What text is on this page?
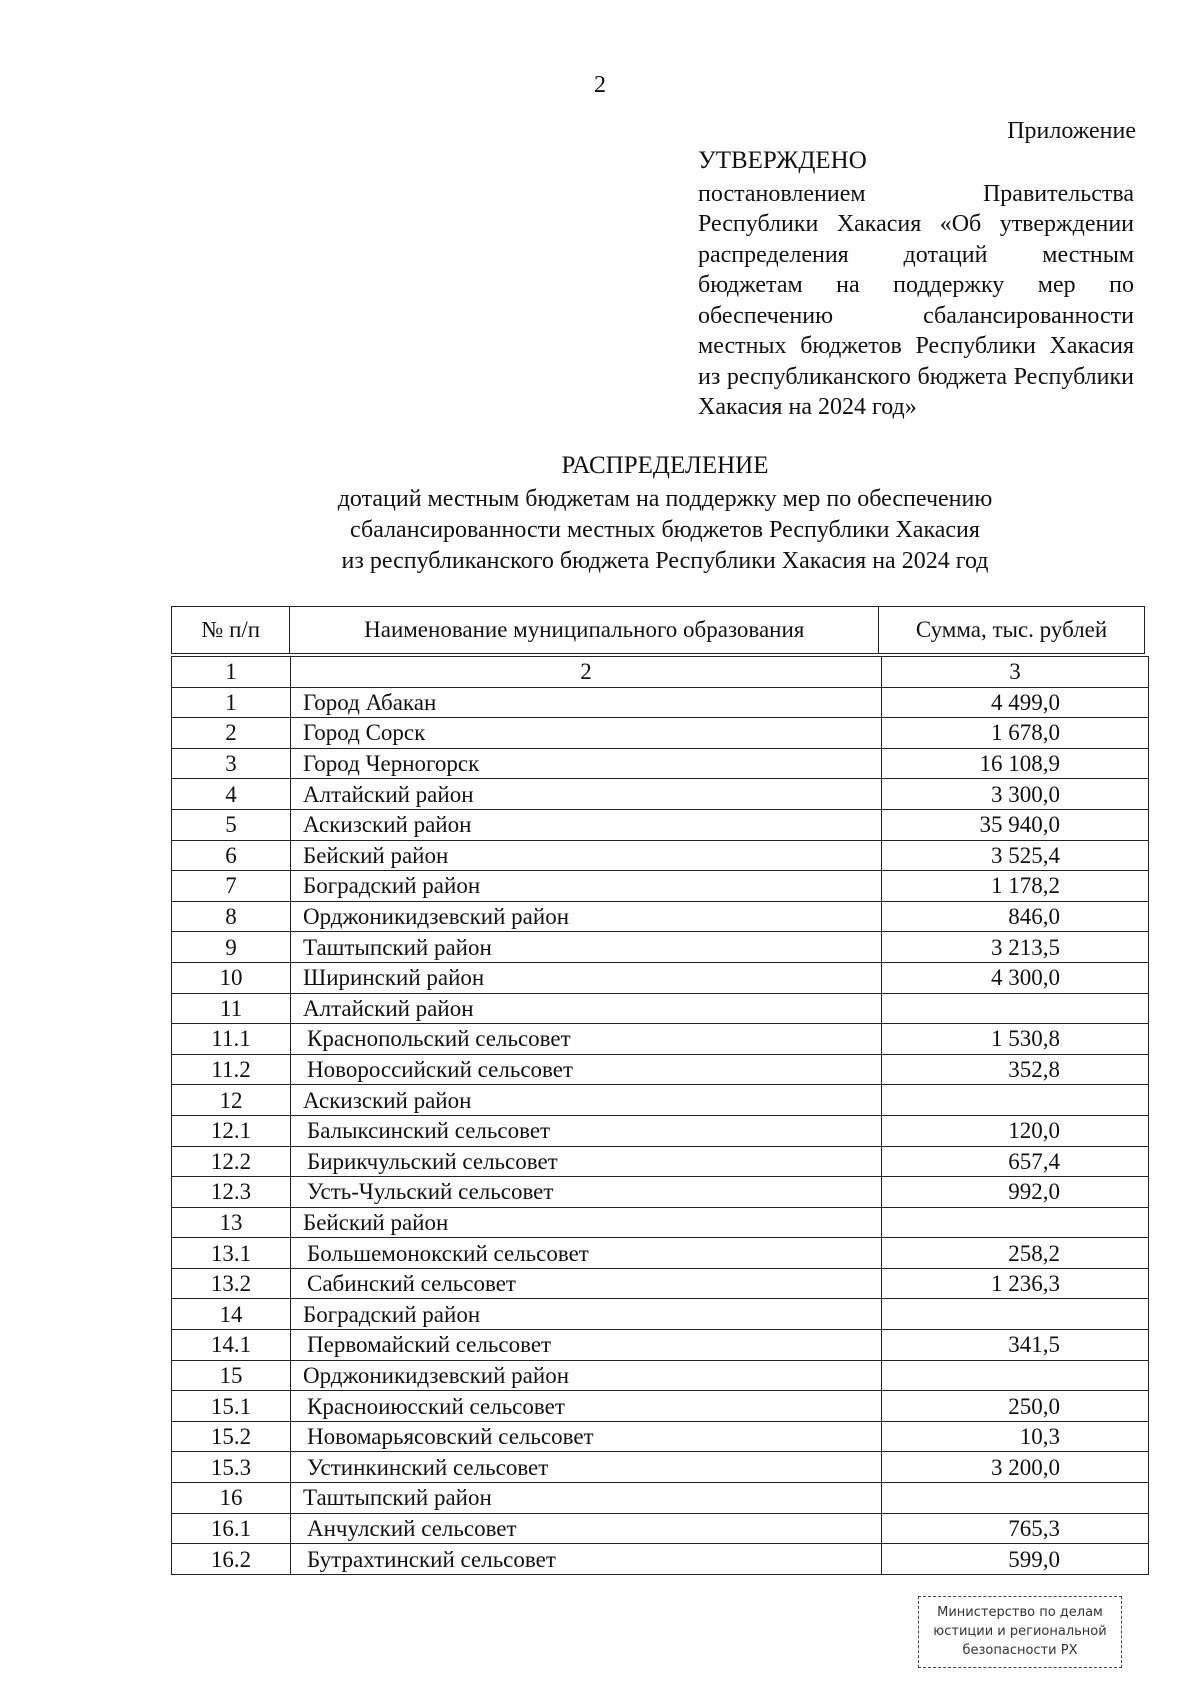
2
Приложение
УТВЕРЖДЕНО
постановлением Правительства Республики Хакасия «Об утверждении распределения дотаций местным бюджетам на поддержку мер по обеспечению сбалансированности местных бюджетов Республики Хакасия из республиканского бюджета Республики Хакасия на 2024 год»
РАСПРЕДЕЛЕНИЕ
дотаций местным бюджетам на поддержку мер по обеспечению
сбалансированности местных бюджетов Республики Хакасия
из республиканского бюджета Республики Хакасия на 2024 год
№ п/п	Наименование муниципального образования	Сумма, тыс. рублей
1	2	3
1	Город Абакан	4 499,0
2	Город Сорск	1 678,0
3	Город Черногорск	16 108,9
4	Алтайский район	3 300,0
5	Аскизский район	35 940,0
6	Бейский район	3 525,4
7	Боградский район	1 178,2
8	Орджоникидзевский район	846,0
9	Таштыпский район	3 213,5
10	Ширинский район	4 300,0
11	Алтайский район	
11.1	Краснопольский сельсовет	1 530,8
11.2	Новороссийский сельсовет	352,8
12	Аскизский район	
12.1	Балыксинский сельсовет	120,0
12.2	Бирикчульский сельсовет	657,4
12.3	Усть-Чульский сельсовет	992,0
13	Бейский район	
13.1	Большемонокский сельсовет	258,2
13.2	Сабинский сельсовет	1 236,3
14	Боградский район	
14.1	Первомайский сельсовет	341,5
15	Орджоникидзевский район	
15.1	Красноиюсский сельсовет	250,0
15.2	Новомарьясовский сельсовет	10,3
15.3	Устинкинский сельсовет	3 200,0
16	Таштыпский район	
16.1	Анчулский сельсовет	765,3
16.2	Бутрахтинский сельсовет	599,0
Министерство по делам
юстиции и региональной
безопасности РХ
